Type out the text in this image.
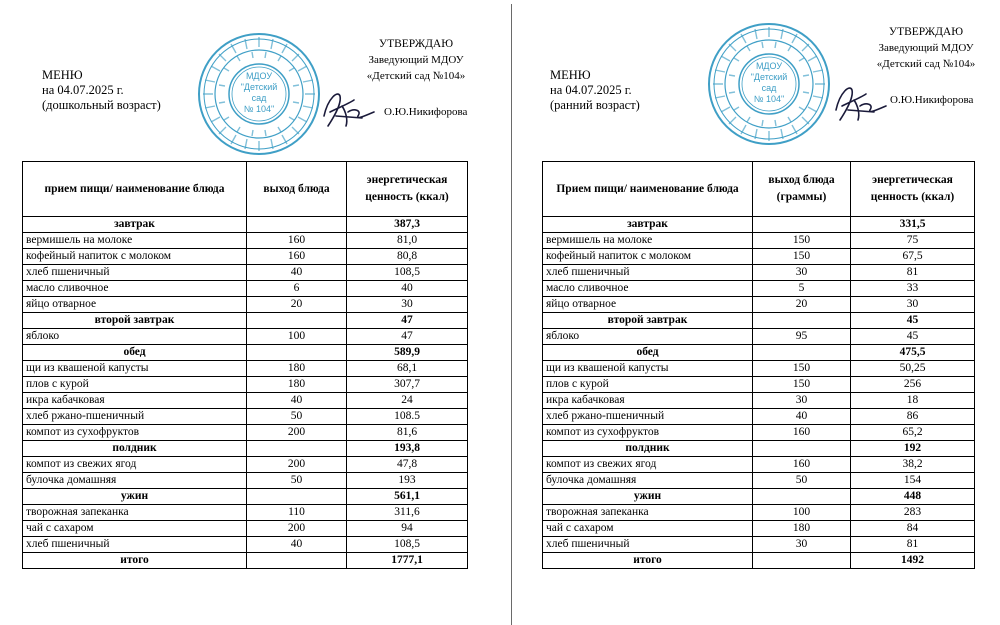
МЕНЮ
на 04.07.2025 г.
(дошкольный возраст)
МДОУ
"Детский
сад
№ 104"
УТВЕРЖДАЮ
Заведующий МДОУ
«Детский сад №104»
О.Ю.Никифорова
прием пищи/ наименование блюда	выход блюда	энергетическая ценность (ккал)
завтрак		387,3
вермишель на молоке	160	81,0
кофейный напиток с молоком	160	80,8
хлеб пшеничный	40	108,5
масло сливочное	6	40
яйцо отварное	20	30
второй завтрак		47
яблоко	100	47
обед		589,9
щи из квашеной капусты	180	68,1
плов с курой	180	307,7
икра кабачковая	40	24
хлеб ржано-пшеничный	50	108.5
компот из сухофруктов	200	81,6
полдник		193,8
компот из свежих ягод	200	47,8
булочка домашняя	50	193
ужин		561,1
творожная запеканка	110	311,6
чай с сахаром	200	94
хлеб пшеничный	40	108,5
итого		1777,1
МЕНЮ
на 04.07.2025 г.
(ранний возраст)
МДОУ
"Детский
сад
№ 104"
УТВЕРЖДАЮ
Заведующий МДОУ
«Детский сад №104»
О.Ю.Никифорова
Прием пищи/ наименование блюда	выход блюда (граммы)	энергетическая ценность (ккал)
завтрак		331,5
вермишель на молоке	150	75
кофейный напиток с молоком	150	67,5
хлеб пшеничный	30	81
масло сливочное	5	33
яйцо отварное	20	30
второй завтрак		45
яблоко	95	45
обед		475,5
щи из квашеной капусты	150	50,25
плов с курой	150	256
икра кабачковая	30	18
хлеб ржано-пшеничный	40	86
компот из сухофруктов	160	65,2
полдник		192
компот из свежих ягод	160	38,2
булочка домашняя	50	154
ужин		448
творожная запеканка	100	283
чай с сахаром	180	84
хлеб пшеничный	30	81
итого		1492
